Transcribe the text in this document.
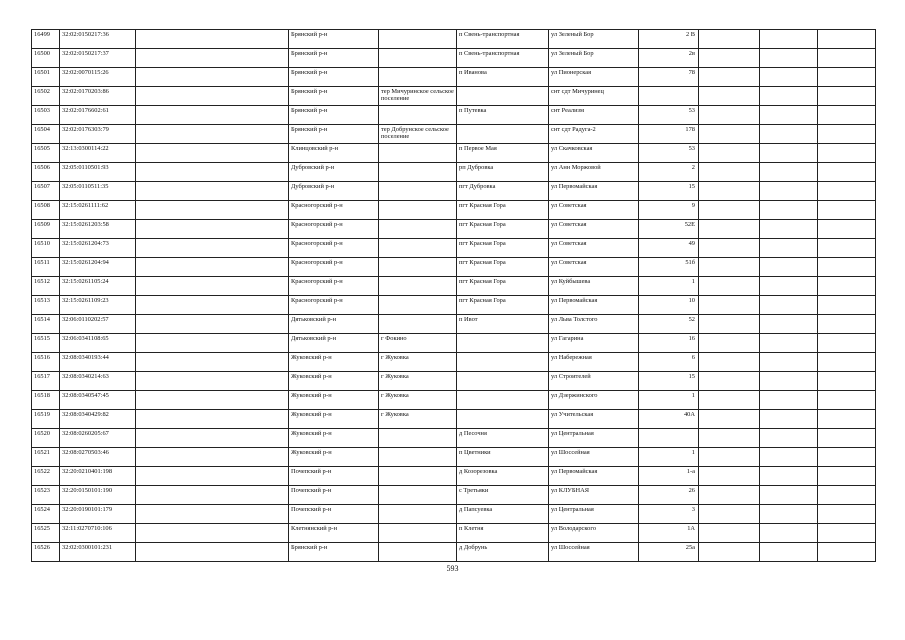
16499	32:02:0150217:36		Брянский р-н		п Свень-транспортная	ул Зеленый Бор	2 В			
16500	32:02:0150217:37		Брянский р-н		п Свень-транспортная	ул Зеленый Бор	2в			
16501	32:02:0070115:26		Брянский р-н		п Иванова	ул Пионерская	78			
16502	32:02:0170203:86		Брянский р-н	тер Мичуринское сельское поселение		снт сдт Мичуринец				
16503	32:02:0176602:61		Брянский р-н		п Путевка	снт Реализм	53			
16504	32:02:0176303:79		Брянский р-н	тер Добрунское сельское поселение		снт сдт Радуга-2	178			
16505	32:13:0300114:22		Клинцовский р-н		п Первое Мая	ул Скачковская	53			
16506	32:05:0110501:93		Дубровский р-н		рп Дубровка	ул Анн Моржовой	2			
16507	32:05:0110511:35		Дубровский р-н		пгт Дубровка	ул Первомайская	15			
16508	32:15:0261111:62		Красногорский р-н		пгт Красная Гора	ул Советская	9			
16509	32:15:0261203:58		Красногорский р-н		пгт Красная Гора	ул Советская	52Е			
16510	32:15:0261204:73		Красногорский р-н		пгт Красная Гора	ул Советская	49			
16511	32:15:0261204:94		Красногорский р-н		пгт Красная Гора	ул Советская	51б			
16512	32:15:0261105:24		Красногорский р-н		пгт Красная Гора	ул Куйбышева	1			
16513	32:15:0261109:23		Красногорский р-н		пгт Красная Гора	ул Первомайская	10			
16514	32:06:0110202:57		Дятьковский р-н		п Ивот	ул Льва Толстого	52			
16515	32:06:0341108:65		Дятьковский р-н	г Фокино		ул Гагарина	16			
16516	32:08:0340193:44		Жуковский р-н	г Жуковка		ул Набережная	6			
16517	32:08:0340214:63		Жуковский р-н	г Жуковка		ул Строителей	15			
16518	32:08:0340547:45		Жуковский р-н	г Жуковка		ул Дзержинского	1			
16519	32:08:0340429:82		Жуковский р-н	г Жуковка		ул Учительская	40А			
16520	32:08:0260205:67		Жуковский р-н		д Песочня	ул Центральная				
16521	32:08:0270503:46		Жуковский р-н		п Цветники	ул Шоссейная	1			
16522	32:20:0210401:198		Почепский р-н		д Козорезовка	ул Первомайская	1-а			
16523	32:20:0150101:190		Почепский р-н		с Третьяки	ул КЛУБНАЯ	26			
16524	32:20:0190101:179		Почепский р-н		д Папсуевка	ул Центральная	3			
16525	32:11:0270710:106		Клетнянский р-н		п Клетня	ул Володарского	1А			
16526	32:02:0300101:231		Брянский р-н		д Добрунь	ул Шоссейная	25а			
593
